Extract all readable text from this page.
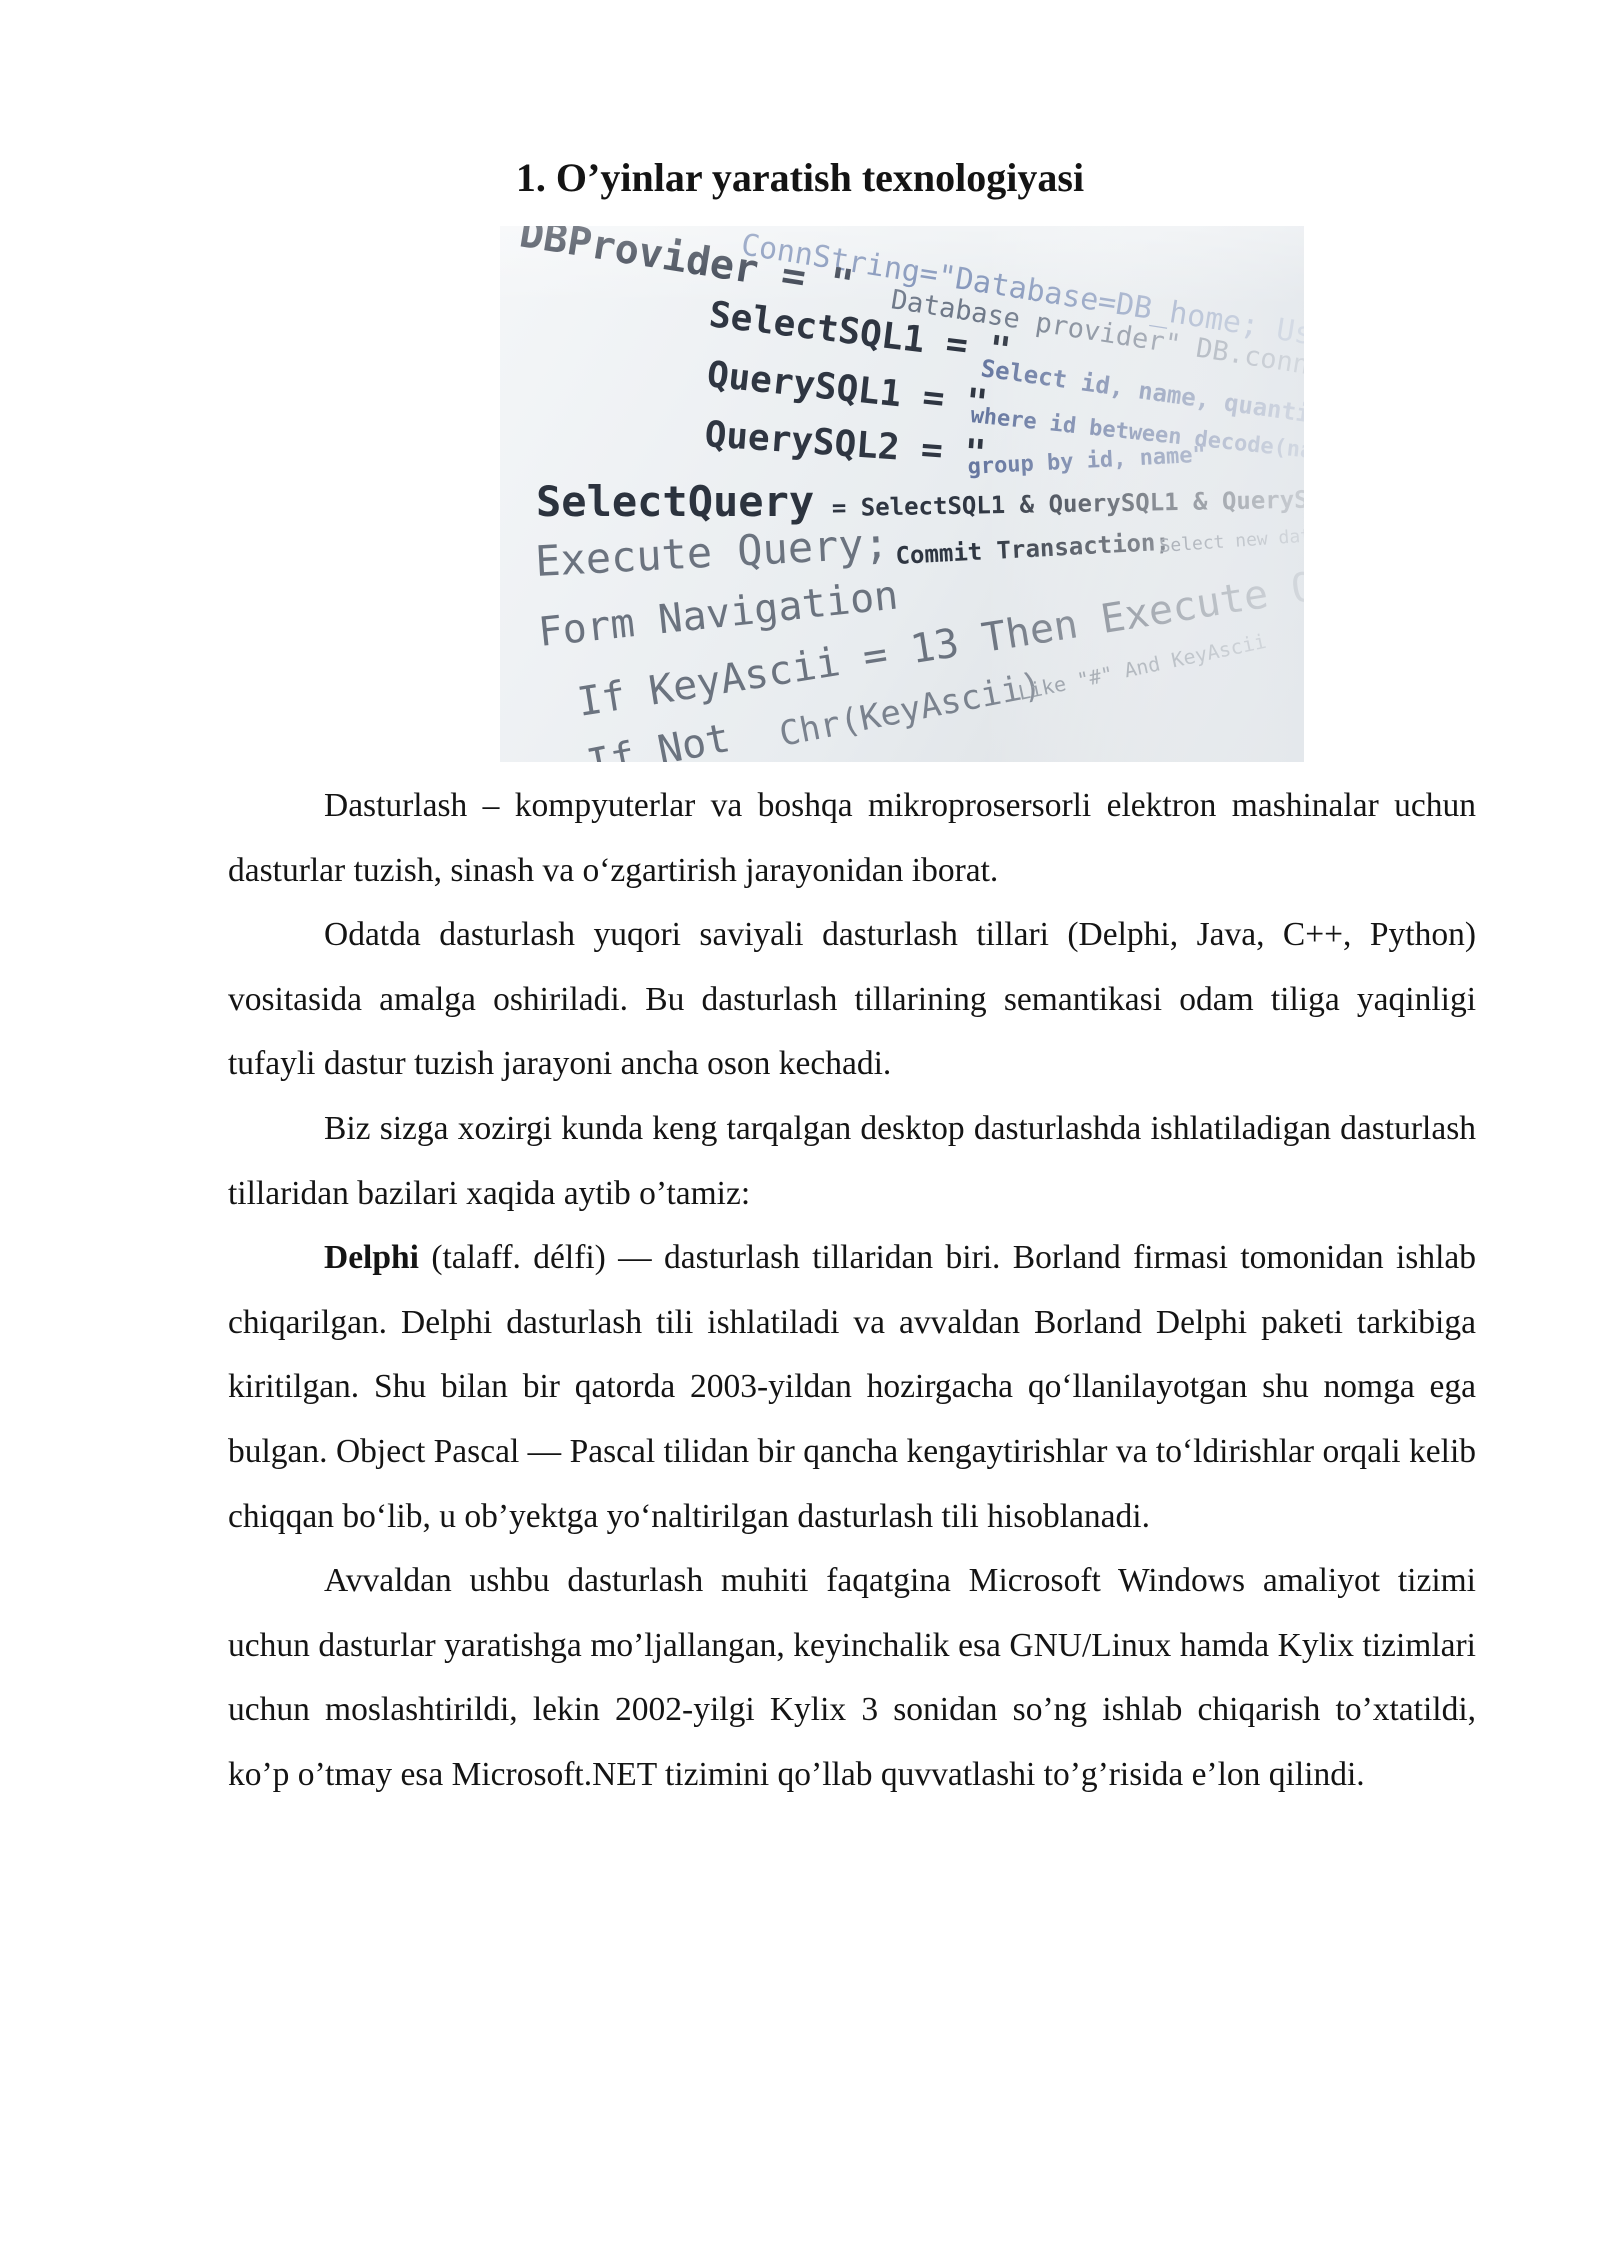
1. O’yinlar yaratish texnologiyasi

Dasturlash – kompyuterlar va boshqa mikroprosersorli elektron mashinalar uchun dasturlar tuzish, sinash va oʻzgartirish jarayonidan iborat.

Odatda dasturlash yuqori saviyali dasturlash tillari (Delphi, Java, C++, Python) vositasida amalga oshiriladi. Bu dasturlash tillarining semantikasi odam tiliga yaqinligi tufayli dastur tuzish jarayoni ancha oson kechadi.

Biz sizga xozirgi kunda keng tarqalgan desktop dasturlashda ishlatiladigan dasturlash tillaridan bazilari xaqida aytib o’tamiz:

Delphi (talaff. délfi) — dasturlash tillaridan biri. Borland firmasi tomonidan ishlab chiqarilgan. Delphi dasturlash tili ishlatiladi va avvaldan Borland Delphi paketi tarkibiga kiritilgan. Shu bilan bir qatorda 2003-yildan hozirgacha qoʻllanilayotgan shu nomga ega bulgan. Object Pascal — Pascal tilidan bir qancha kengaytirishlar va toʻldirishlar orqali kelib chiqqan boʻlib, u ob’yektga yoʻnaltirilgan dasturlash tili hisoblanadi.

Avvaldan ushbu dasturlash muhiti faqatgina Microsoft Windows amaliyot tizimi uchun dasturlar yaratishga mo’ljallangan, keyinchalik esa GNU/Linux hamda Kylix tizimlari uchun moslashtirildi, lekin 2002-yilgi Kylix 3 sonidan so’ng ishlab chiqarish to’xtatildi, ko’p o’tmay esa Microsoft.NET tizimini qo’llab quvvatlashi to’g’risida e’lon qilindi.
